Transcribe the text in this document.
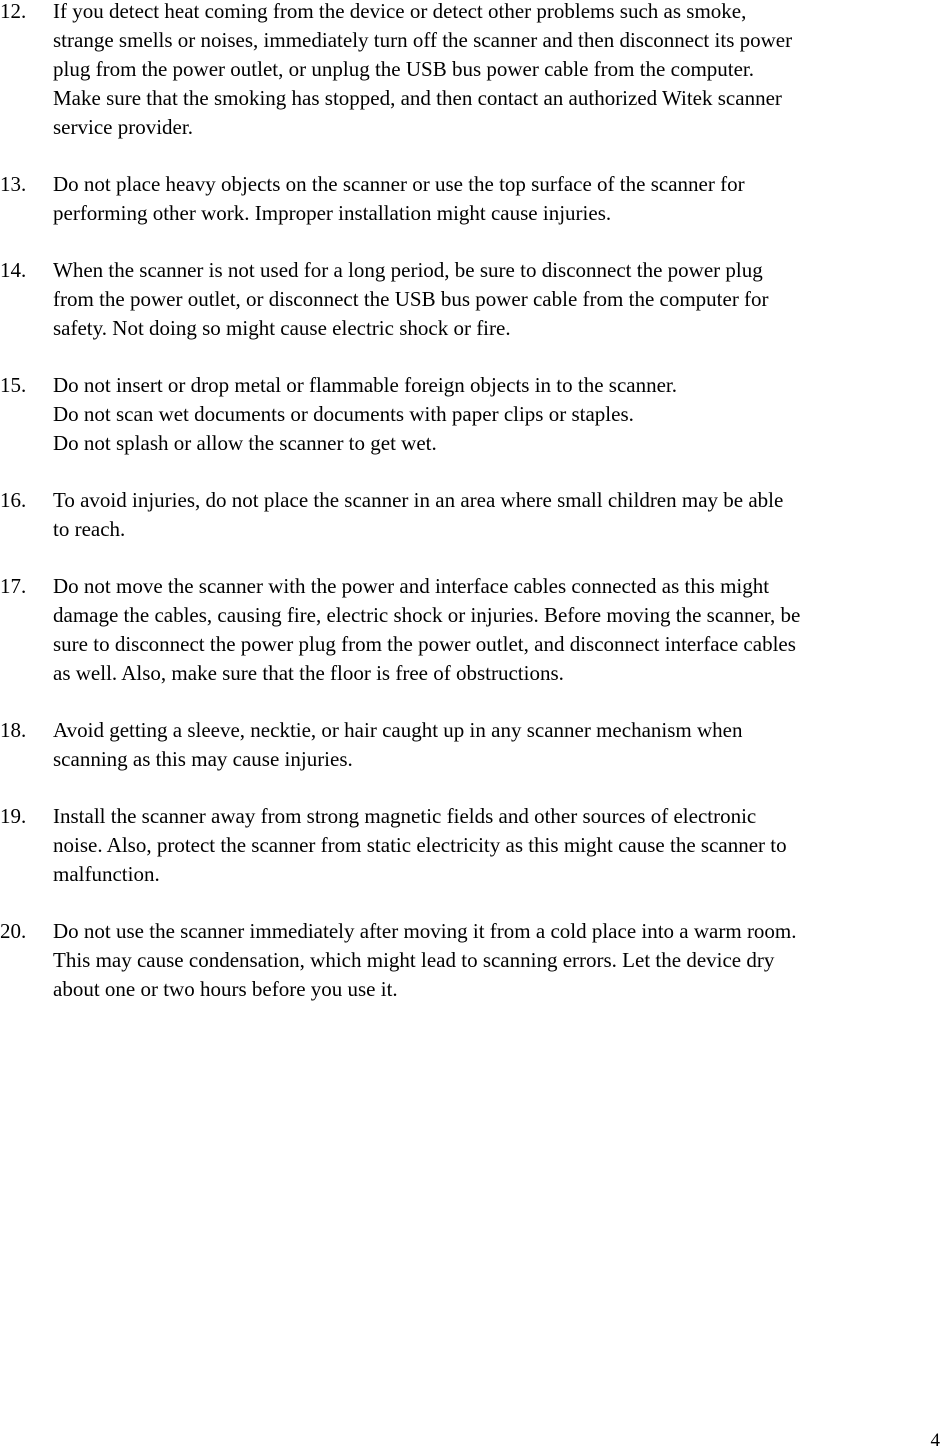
12. If you detect heat coming from the device or detect other problems such as smoke,
strange smells or noises, immediately turn off the scanner and then disconnect its power
plug from the power outlet, or unplug the USB bus power cable from the computer.
Make sure that the smoking has stopped, and then contact an authorized Witek scanner
service provider.
13. Do not place heavy objects on the scanner or use the top surface of the scanner for
performing other work. Improper installation might cause injuries.
14. When the scanner is not used for a long period, be sure to disconnect the power plug
from the power outlet, or disconnect the USB bus power cable from the computer for
safety. Not doing so might cause electric shock or fire.
15. Do not insert or drop metal or flammable foreign objects in to the scanner.
Do not scan wet documents or documents with paper clips or staples.
Do not splash or allow the scanner to get wet.
16. To avoid injuries, do not place the scanner in an area where small children may be able
to reach.
17. Do not move the scanner with the power and interface cables connected as this might
damage the cables, causing fire, electric shock or injuries. Before moving the scanner, be
sure to disconnect the power plug from the power outlet, and disconnect interface cables
as well. Also, make sure that the floor is free of obstructions.
18. Avoid getting a sleeve, necktie, or hair caught up in any scanner mechanism when
scanning as this may cause injuries.
19. Install the scanner away from strong magnetic fields and other sources of electronic
noise. Also, protect the scanner from static electricity as this might cause the scanner to
malfunction.
20. Do not use the scanner immediately after moving it from a cold place into a warm room.
This may cause condensation, which might lead to scanning errors. Let the device dry
about one or two hours before you use it.
4
